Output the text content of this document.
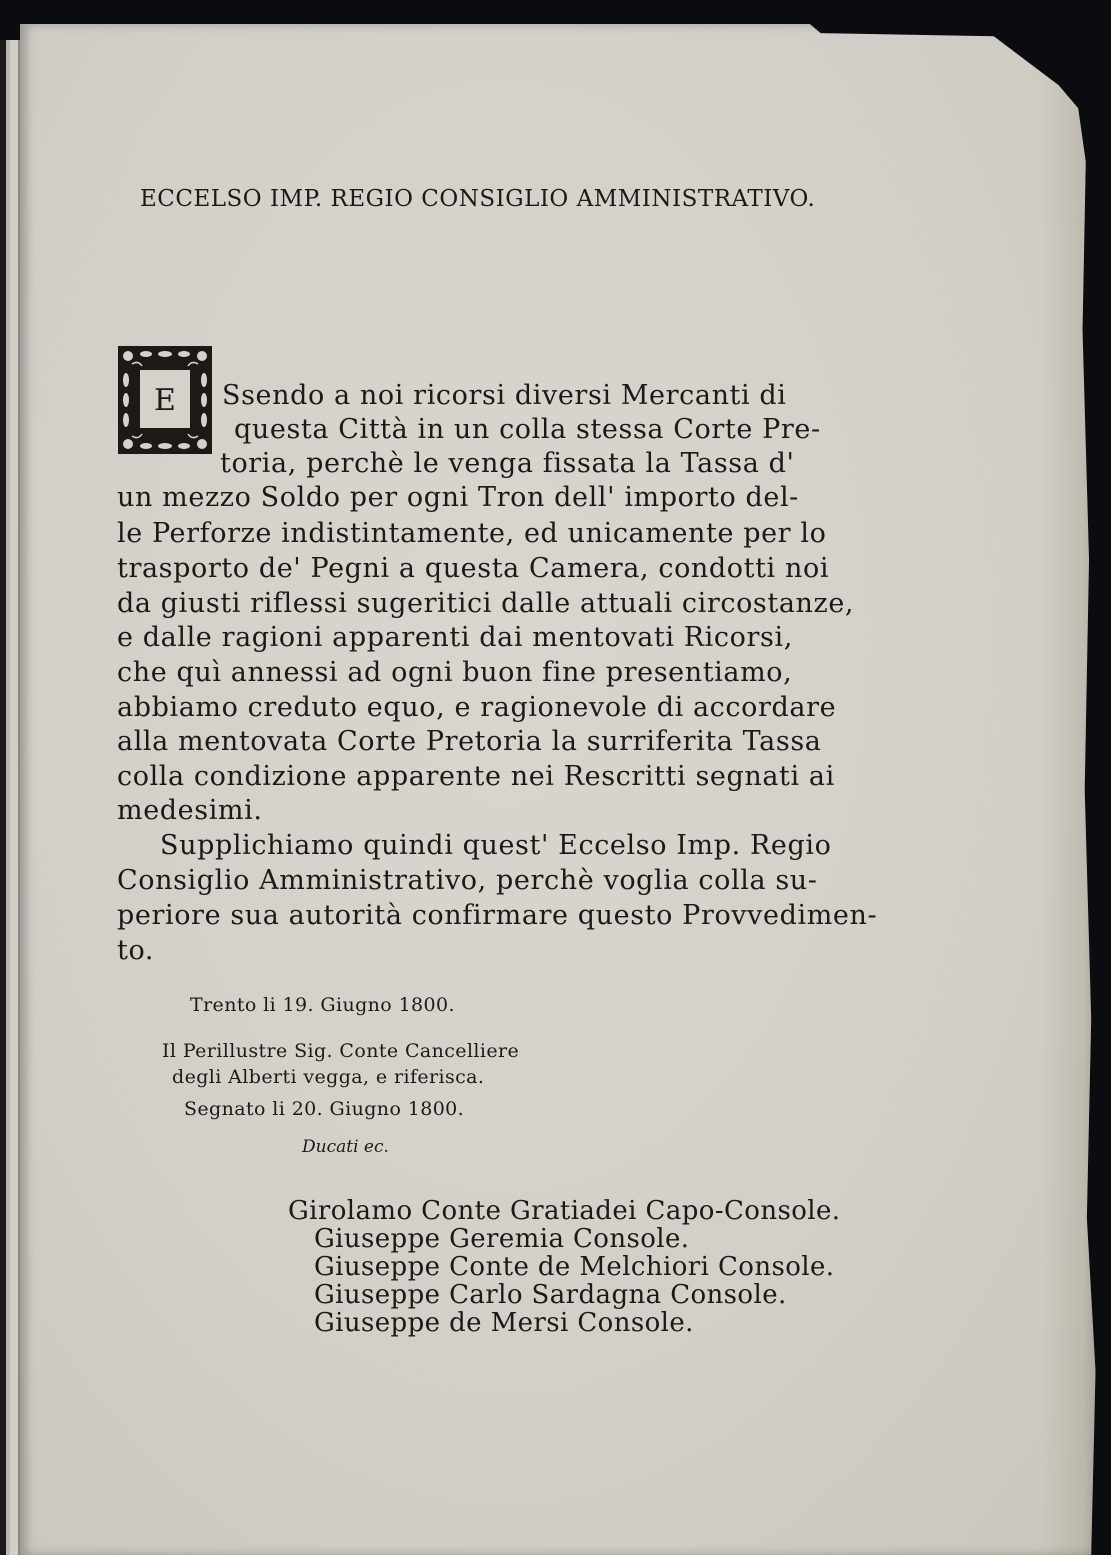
ECCELSO IMP. REGIO CONSIGLIO AMMINISTRATIVO.
E	Ssendo a noi ricorsi diversi Mercanti di
questa Città in un colla stessa Corte Pre-
toria, perchè le venga fissata la Tassa d'
un mezzo Soldo per ogni Tron dell' importo del-
le Perforze indistintamente, ed unicamente per lo
trasporto de' Pegni a questa Camera, condotti noi
da giusti riflessi sugeritici dalle attuali circostanze,
e dalle ragioni apparenti dai mentovati Ricorsi,
che quì annessi ad ogni buon fine presentiamo,
abbiamo creduto equo, e ragionevole di accordare
alla mentovata Corte Pretoria la surriferita Tassa
colla condizione apparente nei Rescritti segnati ai
medesimi.
Supplichiamo quindi quest' Eccelso Imp. Regio
Consiglio Amministrativo, perchè voglia colla su-
periore sua autorità confirmare questo Provvedimen-
to.
Trento li 19. Giugno 1800.
Il Perillustre Sig. Conte Cancelliere
degli Alberti vegga, e riferisca.
Segnato li 20. Giugno 1800.
Ducati ec.
Girolamo Conte Gratiadei Capo-Console.
Giuseppe Geremia Console.
Giuseppe Conte de Melchiori Console.
Giuseppe Carlo Sardagna Console.
Giuseppe de Mersi Console.
